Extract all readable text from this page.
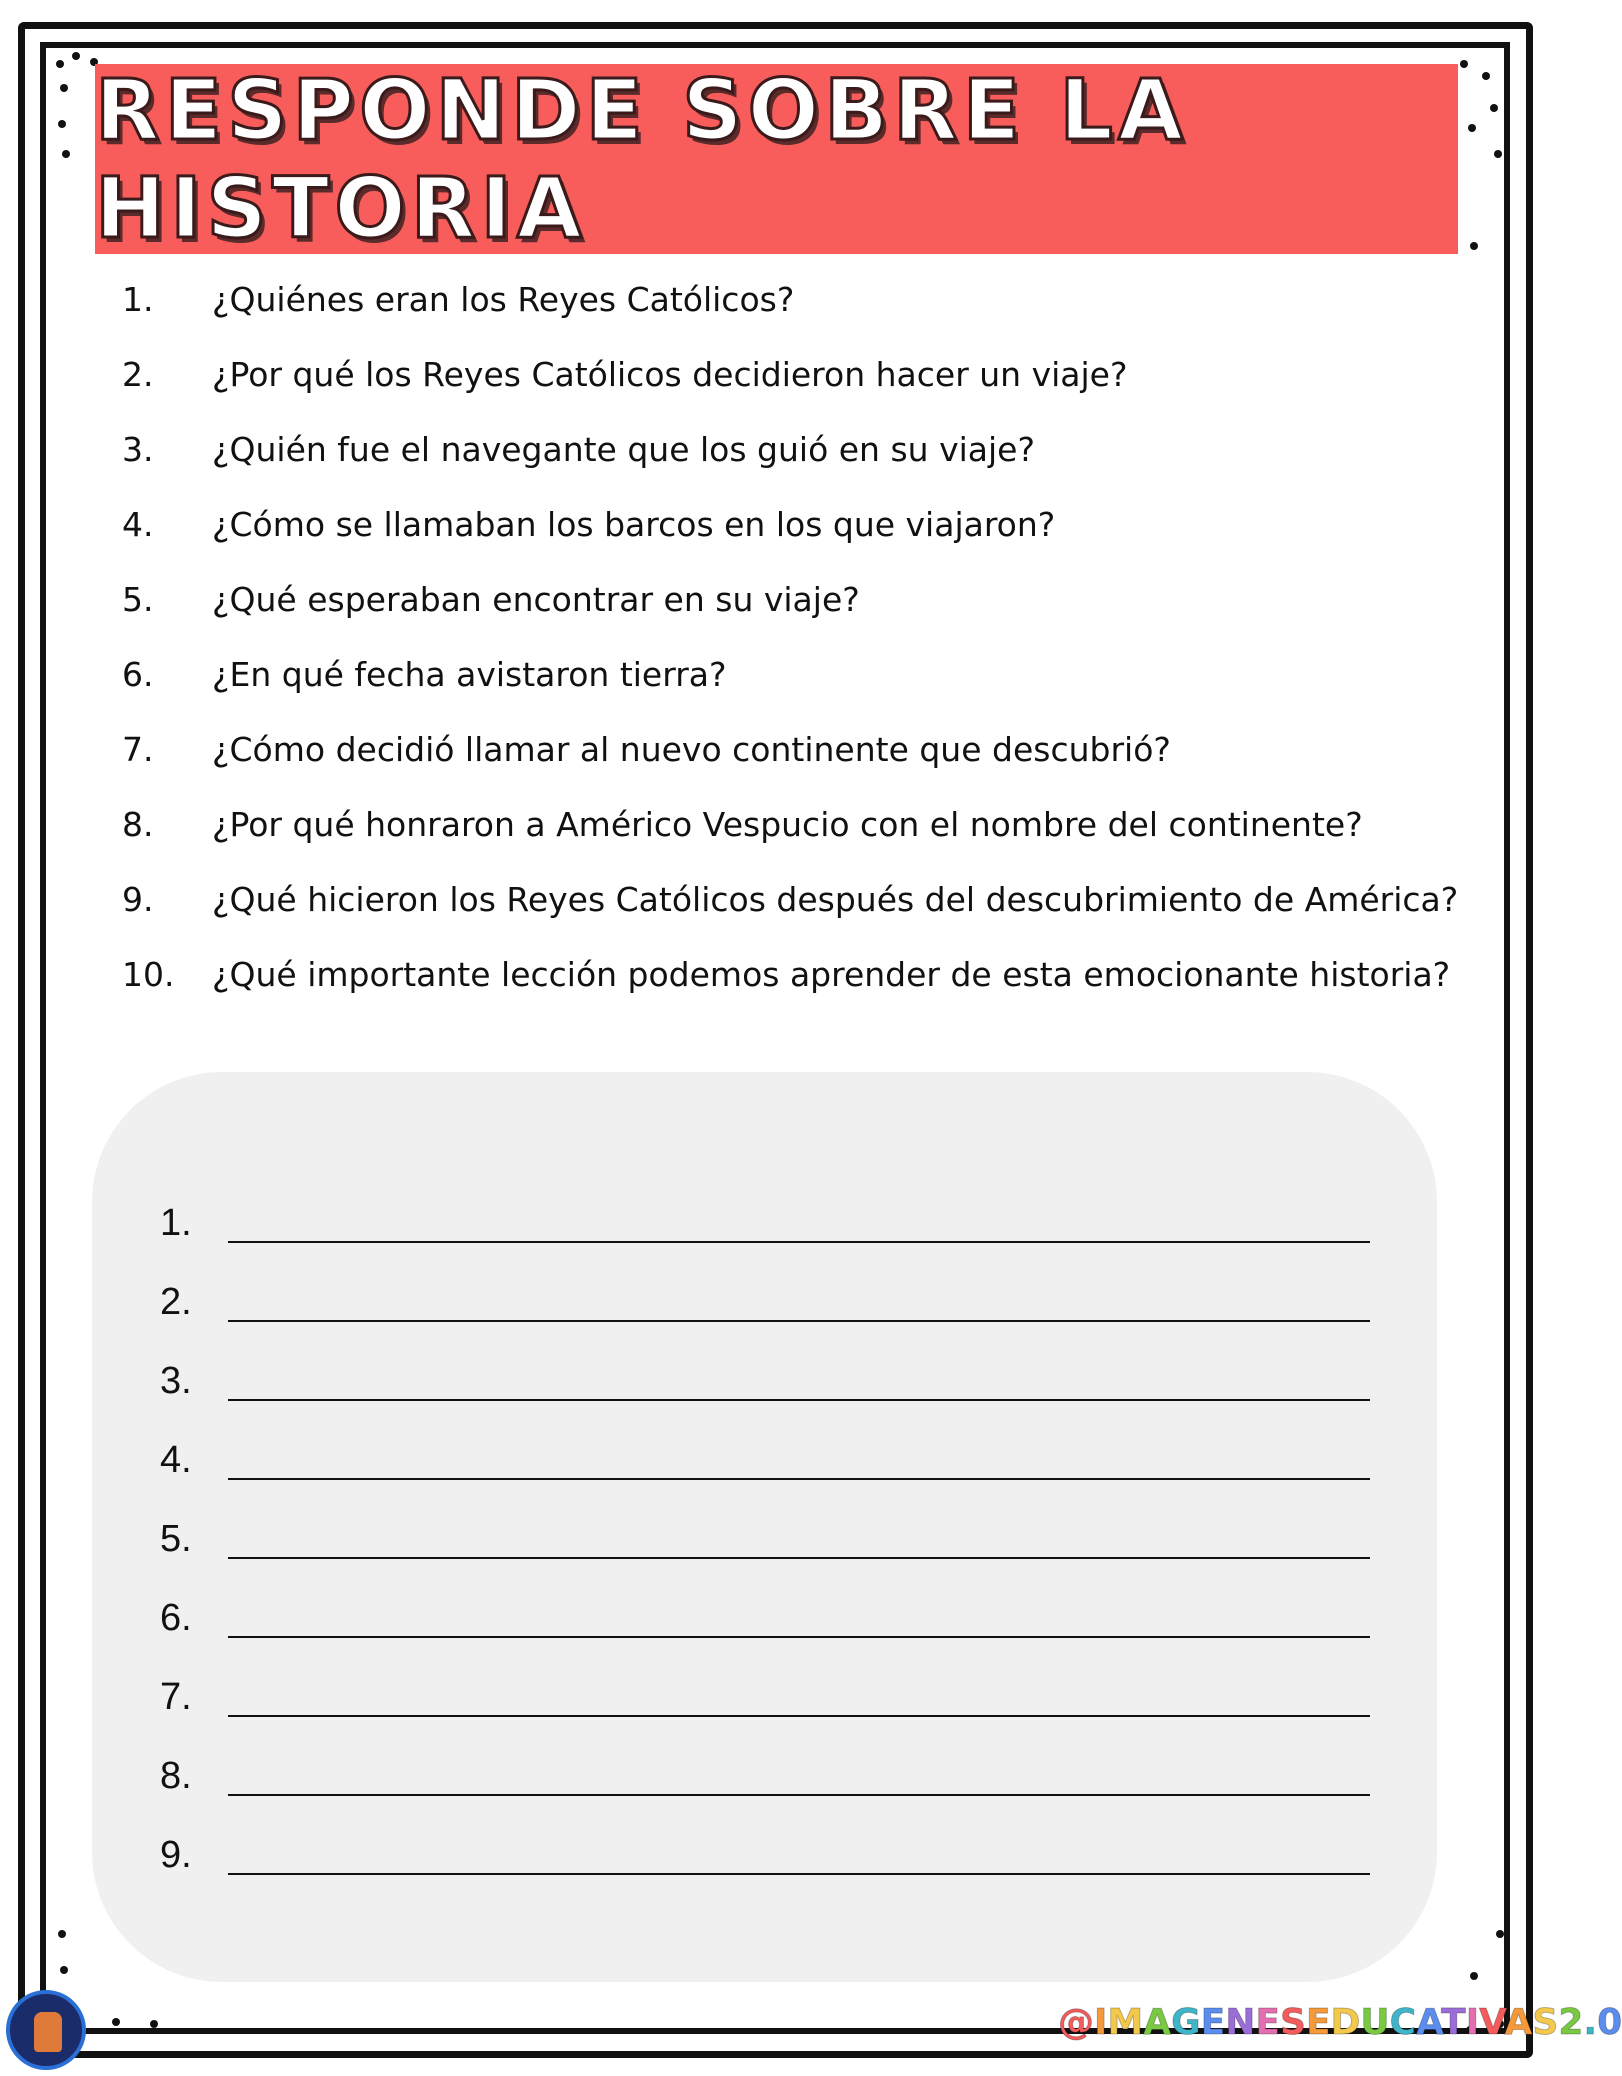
RESPONDE SOBRE LA HISTORIA
1.	¿Quiénes eran los Reyes Católicos?
2.	¿Por qué los Reyes Católicos decidieron hacer un viaje?
3.	¿Quién fue el navegante que los guió en su viaje?
4.	¿Cómo se llamaban los barcos en los que viajaron?
5.	¿Qué esperaban encontrar en su viaje?
6.	¿En qué fecha avistaron tierra?
7.	¿Cómo decidió llamar al nuevo continente que descubrió?
8.	¿Por qué honraron a Américo Vespucio con el nombre del continente?
9.	¿Qué hicieron los Reyes Católicos después del descubrimiento de América?
10.	¿Qué importante lección podemos aprender de esta emocionante historia?
1.
2.
3.
4.
5.
6.
7.
8.
9.
@IMAGENESEDUCATIVAS2.0
